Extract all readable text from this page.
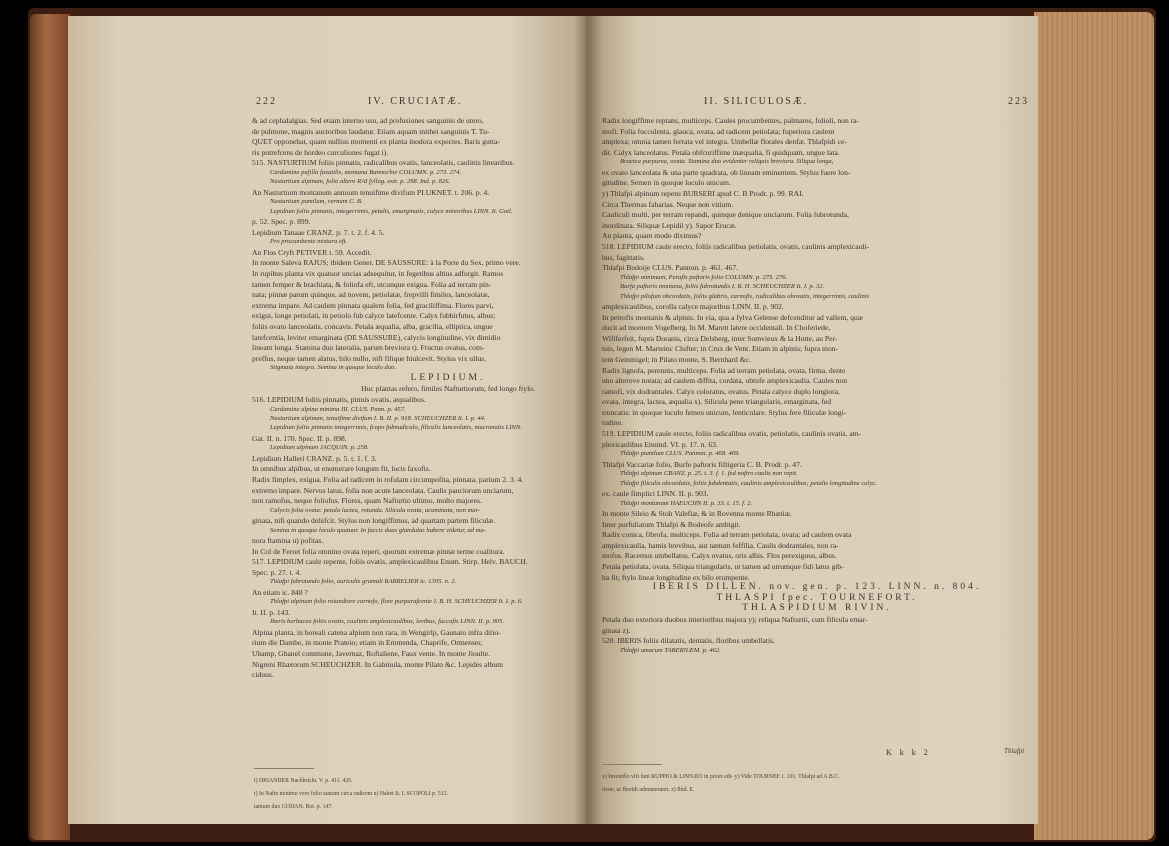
222	IV. CRUCIATÆ.

& ad cephalalgias. Sed etiam interno usu, ad profusiones sanguinis de utero,

de pulmone, magnis auctoribus laudatur. Etiam aquam mithei sanguinis T. Tu-

QUET opponebat, quam nullius momenti ex planta inodora expectes. Baris gutta-

ris putrefcens de hordeo curculiones fugat i).

515. NASTURTIUM foliis pinnatis, radicalibus ovatis, lanceolatis, caulinis linearibus.

Cardamine pufilla faxatilis, montana Bannochie COLUMN. p. 273. 274.

Nasturtium alpinum, folio altero RAI fyllog. extr. p. 298. Ind. p. 826.

An Nasturtium montanum annuum tenuifime divifum PLUKNET. t. 206. p. 4.

Nasturtium pumilum, vernum C. B.

Lepidium foliis pinnatis, integerrimis, petalis, emarginatis, calyce minoribus LINN. It. Gotl.

p. 52. Spec. p. 899.

Lepidium Tanaae CRANZ. p. 7. t. 2. f. 4. 5.

Pro procumbente mistura eft.

An Flos Cryft PETIVER t. 59. Accedit.

In monte Saleva RAJUS; ibidem Gener. DE SAUSSURE: à la Porte du Sex, primo vere.

In rupibus planta vix quatuor uncias adsequitur, in fegetibus altius adfurgit. Ramos

tamen femper & brachiata, & foliofa eft, utcunque exigua. Folia ad terram pin-

nata; pinnæ parum quinque, ad novem, petiolatæ, frepvilli fimiles, lanceolatæ,

extrema impare. Ad caulem pinnata qualem folia, fed graciliffima. Flores parvi,

exigui, longe petiolati, in petiolo fub calyce latefcente. Calyx fubhirfutus, albus;

foliis ovato lanceolatis, concavis. Petala æqualia, alba, gracilia, elliptica, ungue

latefcentia, leviter emarginata (DE SAUSSURE), calycis longitudine, vix dimidio

lineam longa. Stamina duo lateralia, parum breviora t). Fructus ovatus, com-

preffus, neque tamen alatus, bilo nullo, nifi filique hiulcevit. Stylus vix ullus.

Stigmata integra. Semina in quoque loculo duo.

LEPIDIUM.

Huc plantas refero, fimiles Nafturtiorum, fed longo ftylo.

516. LEPIDIUM foliis pinnatis, pinnis ovatis, æqualibus.

Cardamine alpina minima III. CLUS. Pann. p. 457.

Nasturtium alpinum, tenuifime divifum I. B. II. p. 918. SCHEUCHZER It. I. p. 44.

Lepidium foliis pinnatis integerrimis, fcapo fubnudiculo, filiculis lanceolatis, mucronatis LINN.

Gat. II. n. 170. Spec. II. p. 898.

Lepidium alpinum JACQUIN. p. 258.

Lepidium Halleri CRANZ. p. 5. t. 1. f. 3.

In omnibus alpibus, ut enumerare longum fit, locis faxofis.

Radix fimplex, exigua. Folia ad radicem in rofulam circumpofita, pinnata, parium 2. 3. 4.

extremo impare. Nervus latus, folia non acute lanceolata. Caulis pauciorum unciarum,

non ramofus, neque foliofus. Flores, quam Nafturtio ultimo, multo majores.

Calycis folia ovata: petala lactea, rotunda. Silicula ovata, acuminata, non mar-

ginata, nifi quando dehifcit. Stylus non longiffimus, ad quartam partem filiculæ.

Semina in quoque loculo quatuor. In faccis duas glandulas habere videtur, ad ma-

nora ftamina u) pofitas.

In Col de Ferret folia omnino ovata reperi, quorum extremæ pinnæ terme coalitura.

517. LEPIDIUM caule repente, foliis ovatis, amplexicaulibus Enum. Stirp. Helv. BAUCH.

Spec. p. 27. t. 4.

Thlafpi fubrotundo folio, auriculis gramali BARRELIER ic. 1305. n. 2.

An etiam ic. 848 ?

Thlafpi alpinum folio rotundiore carnofo, flore purpurafcente I. B. H. SCHEUCHZER It. I. p. 6.

It. II. p. 143.

Iberis herbacea foliis ovatis, caulinis amplexicaulibus, levibus, fuccofis LINN. II. p. 905.

Alpina planta, in boreali catena alpium non rara, in Wengirlp, Gaunato infra ditio-

rium die Dambe, in monte Prateio; etiam in Emmenda, Chaprife, Ormenser,

Ubamp, Gbanel commune, Javernaz, Roftaliene, Faux vente. In monte Jioulte.

Nigreni Rhætorum SCHEUCHZER. In Gabinula, monte Pilato &c. Lepides album

ciduus.

t) DRIANDER Nachbricht. V. p. 411. 426.

t) In Nafte minimo vero folio tantum circa radicem u) Habet It. I. SCOPOLI p. 512.

tantum duo GODAN. Bot. p. 147.

II. SILICULOSÆ.	223

Radix longiffime reptans, multiceps. Caules procumbentes, palmares, folioli, non ra-

mofi. Folia fucculenta, glauca, ovata, ad radicem petiolata; fuperiora caulem

amplexa; omnia tamen ferrata vel integra. Umbellæ florales denfæ. Thlafpidi ce-

dit. Calyx lanceolatus. Petala obfcuriffime inæqualia, fi quidquam, ungue lata.

Bractea purpurea, ovata. Stamina duo evidenter reliquis breviora. Siliqua longa,

ex ovato lanceolata & una parte quadrata, ob lineam eminentem. Stylus fuere lon-

gitudine. Semen in quoque loculo unicum.

y) Thlafpi alpinum repens BURSERI apud C. B Prodr. p. 99. RAI.

Circa Thermas fabarias. Neque non vitium.

Cauliculi multi, per terram repandi, quinque denique unciarum. Folia fubrotunda,

inordinata. Siliquæ Lepidii y). Sapor Erucæ.

An planta, quam modo diximus?

518. LEPIDIUM caule erecto, foliis radicalibus petiolatis, ovatis, caulinis amplexicauli-

bus, fagittatis.

Thlafpi Bodoije CLUS. Pannon. p. 461. 467.

Thlafpi minimum, Perafis paftoris folio COLUMN. p. 275. 276.

Burfa paftoris montana, foliis fubrotundis I. B. H. SCHEUCHZER It. I. p. 32.

Thlafpi pilofum obcordatis, foliis glabris, carnofis, radicalibus obovatis, integerrimis, caulinis

amplexicaulibus, corolla calyce majoribus LINN. II. p. 902.

In petrofis montanis & alpinis. In via, qua a fylva Gelense defcenditur ad vallem, quæ

ducit ad montem Vogelberg. In M. Marett latere occidentali. In Choferiede,

Wififerfeit, fupra Doranis, circa Delsberg, inter Somvieux & la Hotte, au Per-

tuis, legen M. Marteinc Clufter; in Crux de Vent. Etiam in alpinis; fupra mon-

tem Gemmigel; in Pilato monte, S. Bernhard &c.

Radix lignofa, perennis, multiceps. Folia ad terram petiolata, ovata, firma, dente

uno alterove notata; ad caulem diffita, cordata, obtufe amplexicaulia. Caules non

ramofi, vix dodrantales. Calyx coloratus, ovatus. Petala calyce duplo longiora,

ovata, integra, lactea, æqualia x). Silicula pene triangularis, emarginata, fed

truncatis: in quoque loculo femen unicum, lenticulare. Stylus fere filiculæ longi-

tudine.

519. LEPIDIUM caule erecto, foliis radicalibus ovatis, petiolatis, caulinis ovatis, am-

plexicaulibus Enumd. VI. p. 17. n. 63.

Thlafpi pumilum CLUS. Pannon. p. 468. 469.

Thlafpi Vaccariæ folio, Burfe paftoris fiftigeria C. B. Prodr. p. 47.

Thlafpi alpinum CRANZ. p. 25. t. 3. f. 1. fed noftro caulis non repit.

Thlafpi filiculis obcordatis, foliis fubdentatis, caulinis amplexicaulibus; petalis longitudine calyc.

ex. caule fimplici LINN. II. p. 903.

Thlafpi montanum HAEUCHN II. p. 33. t. 15. f. 2.

In monte Sileio & Stoh Valefiæ, & in Rovenna monte Rhætiæ.

Inter purfuliatum Thlafpi & Bodeofe ambigit.

Radix conica, fibrofa, multiceps. Folia ad terram petiolata, ovata; ad caulem ovata

amplexicaulia, hamis brevibus, aut tantum feffilia. Caulis dodrantales, non ra-

mofus. Racemus umbellatus. Calyx ovatus, oris albis. Flos perexiguus, albus.

Petala petiolata, ovata. Siliqua triangularis, ut tamen ad utrumque fidi latus gib-

ba fit; ftylo lineæ longitudine ex bilo erumpente.

IBERIS DILLEN. nov. gen. p. 123. LINN. n. 804.

THLASPI fpec. TOURNEFORT.

THLASPIDIUM RIVIN.

Petala duo exteriora duobus interioribus majora y); reliqua Nafturtii, cum filicula emar-

ginata z).

520. IBERIS foliis dilatatis, dentatis, floribus umbellatis.

Thlafpi umarum TABERNÆM. p. 462.

K k k 2	Thlafpi

x) Inveniflo vifi funt RUPPIO & LINNÆO in priori edi- y) Vide TOURNEF. t. 101. Thlafpi ad A.B.C.

tione, ut Iberidi adnumeraret. z) Ibid. E.
